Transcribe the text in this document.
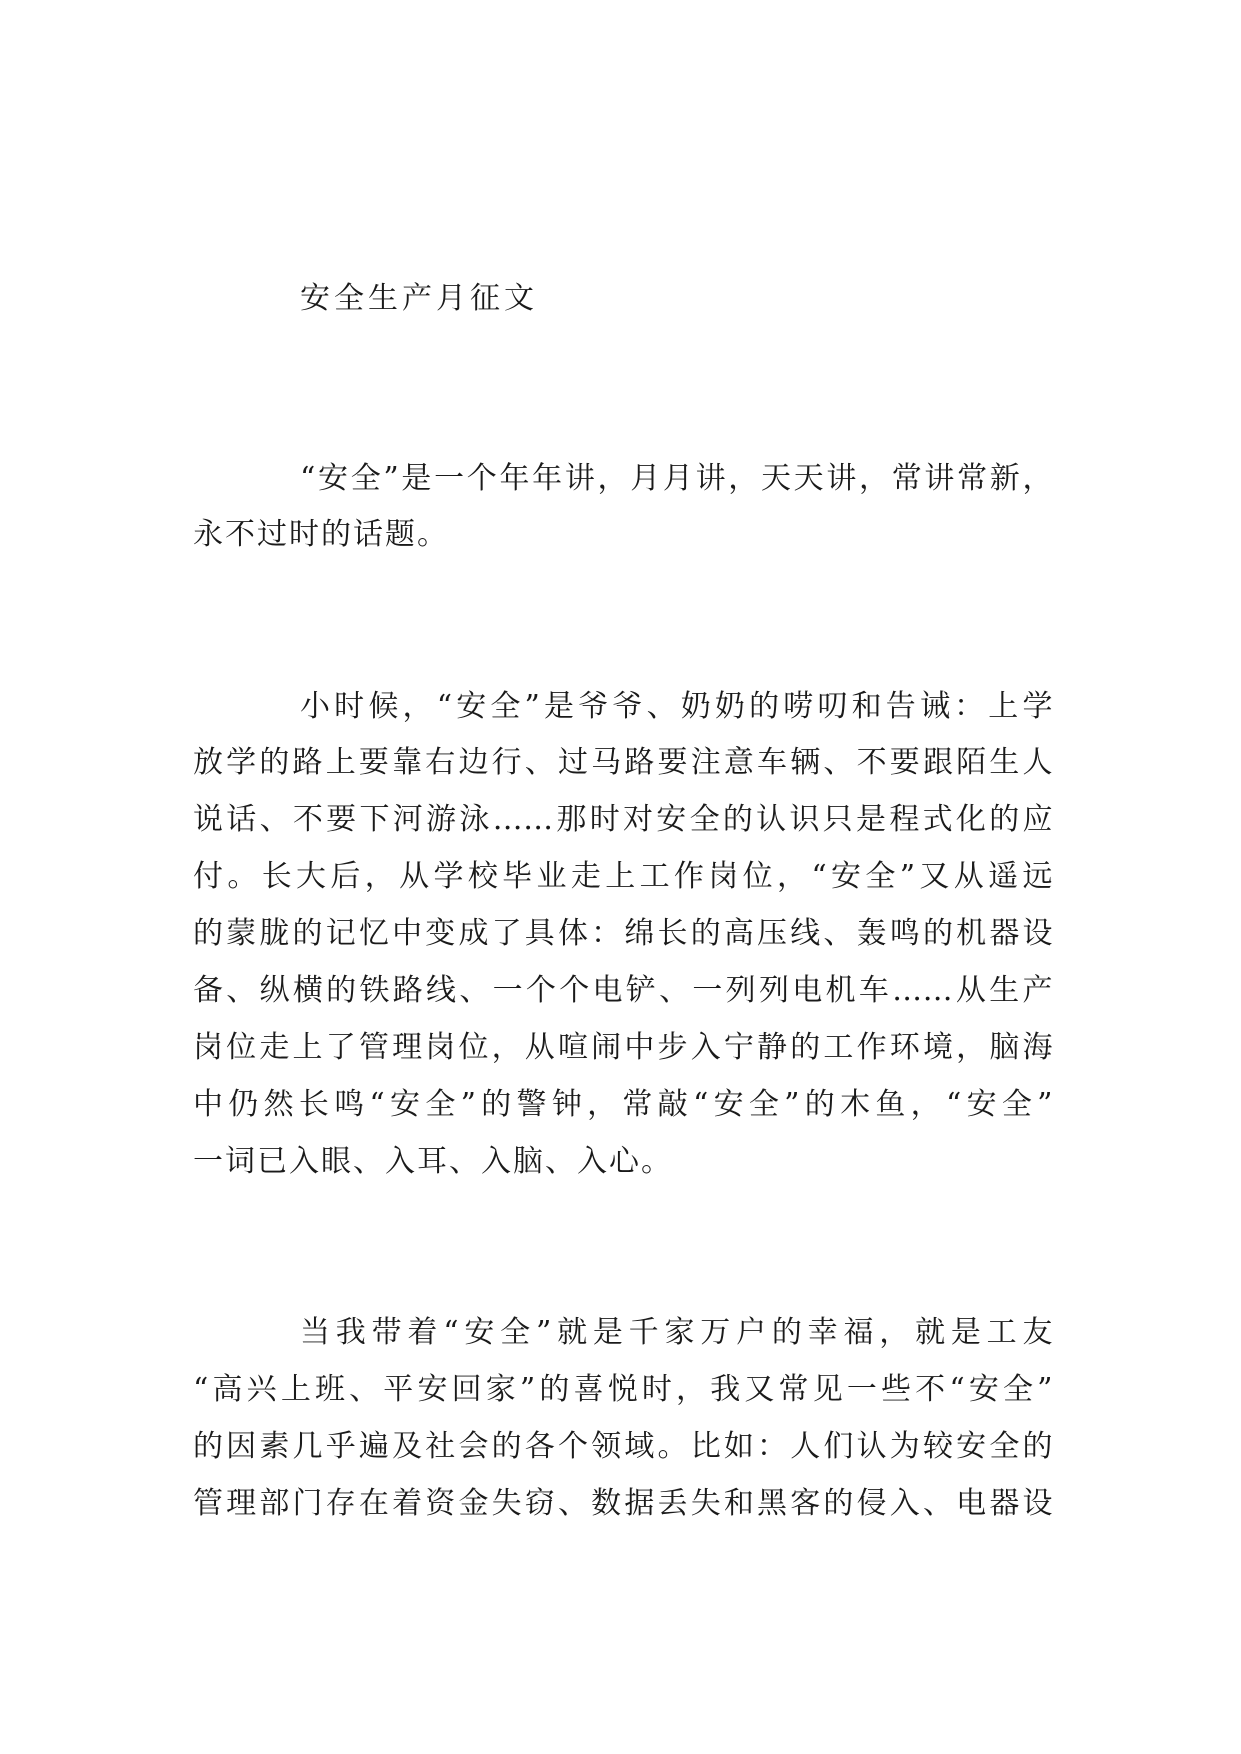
安全生产月征文
“安全”是一个年年讲，月月讲，天天讲，常讲常新，
永不过时的话题。
小时候，“安全”是爷爷、奶奶的唠叨和告诫：上学
放学的路上要靠右边行、过马路要注意车辆、不要跟陌生人
说话、不要下河游泳……那时对安全的认识只是程式化的应
付。长大后，从学校毕业走上工作岗位，“安全”又从遥远
的蒙胧的记忆中变成了具体：绵长的高压线、轰鸣的机器设
备、纵横的铁路线、一个个电铲、一列列电机车……从生产
岗位走上了管理岗位，从喧闹中步入宁静的工作环境，脑海
中仍然长鸣“安全”的警钟，常敲“安全”的木鱼，“安全”
一词已入眼、入耳、入脑、入心。
当我带着“安全”就是千家万户的幸福，就是工友
“高兴上班、平安回家”的喜悦时，我又常见一些不“安全”
的因素几乎遍及社会的各个领域。比如：人们认为较安全的
管理部门存在着资金失窃、数据丢失和黑客的侵入、电器设
